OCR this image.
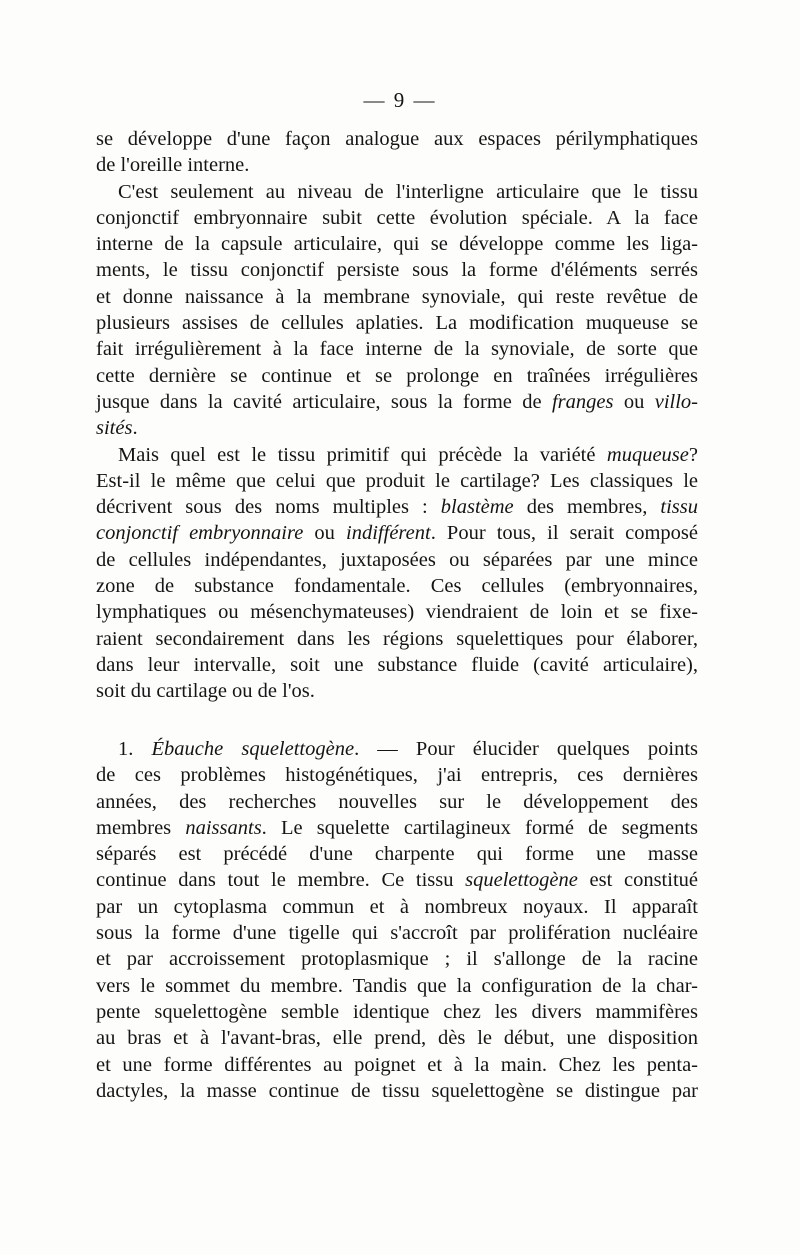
— 9 —
se développe d'une façon analogue aux espaces périlymphatiques
de l'oreille interne.
C'est seulement au niveau de l'interligne articulaire que le tissu
conjonctif embryonnaire subit cette évolution spéciale. A la face
interne de la capsule articulaire, qui se développe comme les liga-
ments, le tissu conjonctif persiste sous la forme d'éléments serrés
et donne naissance à la membrane synoviale, qui reste revêtue de
plusieurs assises de cellules aplaties. La modification muqueuse se
fait irrégulièrement à la face interne de la synoviale, de sorte que
cette dernière se continue et se prolonge en traînées irrégulières
jusque dans la cavité articulaire, sous la forme de franges ou villo-
sités.
Mais quel est le tissu primitif qui précède la variété muqueuse?
Est-il le même que celui que produit le cartilage? Les classiques le
décrivent sous des noms multiples : blastème des membres, tissu
conjonctif embryonnaire ou indifférent. Pour tous, il serait composé
de cellules indépendantes, juxtaposées ou séparées par une mince
zone de substance fondamentale. Ces cellules (embryonnaires,
lymphatiques ou mésenchymateuses) viendraient de loin et se fixe-
raient secondairement dans les régions squelettiques pour élaborer,
dans leur intervalle, soit une substance fluide (cavité articulaire),
soit du cartilage ou de l'os.
1. Ébauche squelettogène. — Pour élucider quelques points
de ces problèmes histogénétiques, j'ai entrepris, ces dernières
années, des recherches nouvelles sur le développement des
membres naissants. Le squelette cartilagineux formé de segments
séparés est précédé d'une charpente qui forme une masse
continue dans tout le membre. Ce tissu squelettogène est constitué
par un cytoplasma commun et à nombreux noyaux. Il apparaît
sous la forme d'une tigelle qui s'accroît par prolifération nucléaire
et par accroissement protoplasmique ; il s'allonge de la racine
vers le sommet du membre. Tandis que la configuration de la char-
pente squelettogène semble identique chez les divers mammifères
au bras et à l'avant-bras, elle prend, dès le début, une disposition
et une forme différentes au poignet et à la main. Chez les penta-
dactyles, la masse continue de tissu squelettogène se distingue par
